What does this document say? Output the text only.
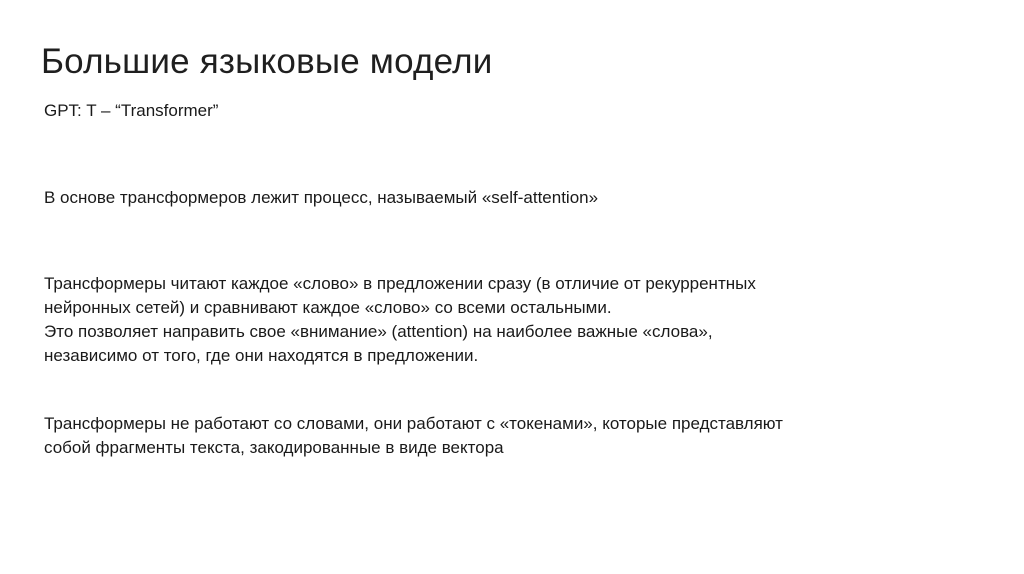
Большие языковые модели
GPT: T – “Transformer”
В основе трансформеров лежит процесс, называемый «self-attention»
Трансформеры читают каждое «слово» в предложении сразу (в отличие от рекуррентных
нейронных сетей) и сравнивают каждое «слово» со всеми остальными.
Это позволяет направить свое «внимание» (attention) на наиболее важные «слова»,
независимо от того, где они находятся в предложении.
Трансформеры не работают со словами, они работают с «токенами», которые представляют
собой фрагменты текста, закодированные в виде вектора
